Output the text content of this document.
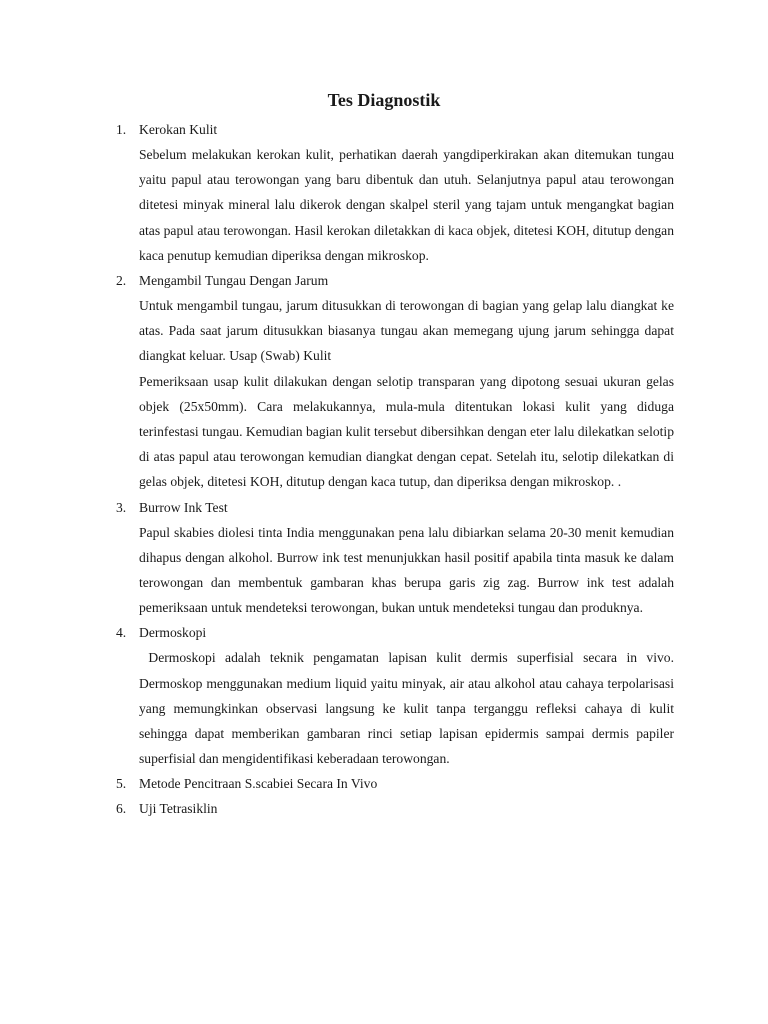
Tes Diagnostik
1. Kerokan Kulit

Sebelum melakukan kerokan kulit, perhatikan daerah yangdiperkirakan akan ditemukan tungau yaitu papul atau terowongan yang baru dibentuk dan utuh. Selanjutnya papul atau terowongan ditetesi minyak mineral lalu dikerok dengan skalpel steril yang tajam untuk mengangkat bagian atas papul atau terowongan. Hasil kerokan diletakkan di kaca objek, ditetesi KOH, ditutup dengan kaca penutup kemudian diperiksa dengan mikroskop.

2. Mengambil Tungau Dengan Jarum

Untuk mengambil tungau, jarum ditusukkan di terowongan di bagian yang gelap lalu diangkat ke atas. Pada saat jarum ditusukkan biasanya tungau akan memegang ujung jarum sehingga dapat diangkat keluar. Usap (Swab) Kulit

Pemeriksaan usap kulit dilakukan dengan selotip transparan yang dipotong sesuai ukuran gelas objek (25x50mm). Cara melakukannya, mula-mula ditentukan lokasi kulit yang diduga terinfestasi tungau. Kemudian bagian kulit tersebut dibersihkan dengan eter lalu dilekatkan selotip di atas papul atau terowongan kemudian diangkat dengan cepat. Setelah itu, selotip dilekatkan di gelas objek, ditetesi KOH, ditutup dengan kaca tutup, dan diperiksa dengan mikroskop. .

3. Burrow Ink Test

Papul skabies diolesi tinta India menggunakan pena lalu dibiarkan selama 20-30 menit kemudian dihapus dengan alkohol. Burrow ink test menunjukkan hasil positif apabila tinta masuk ke dalam terowongan dan membentuk gambaran khas berupa garis zig zag. Burrow ink test adalah pemeriksaan untuk mendeteksi terowongan, bukan untuk mendeteksi tungau dan produknya.

4. Dermoskopi

Dermoskopi adalah teknik pengamatan lapisan kulit dermis superfisial secara in vivo. Dermoskop menggunakan medium liquid yaitu minyak, air atau alkohol atau cahaya terpolarisasi yang memungkinkan observasi langsung ke kulit tanpa terganggu refleksi cahaya di kulit sehingga dapat memberikan gambaran rinci setiap lapisan epidermis sampai dermis papiler superfisial dan mengidentifikasi keberadaan terowongan.

5. Metode Pencitraan S.scabiei Secara In Vivo
6. Uji Tetrasiklin
